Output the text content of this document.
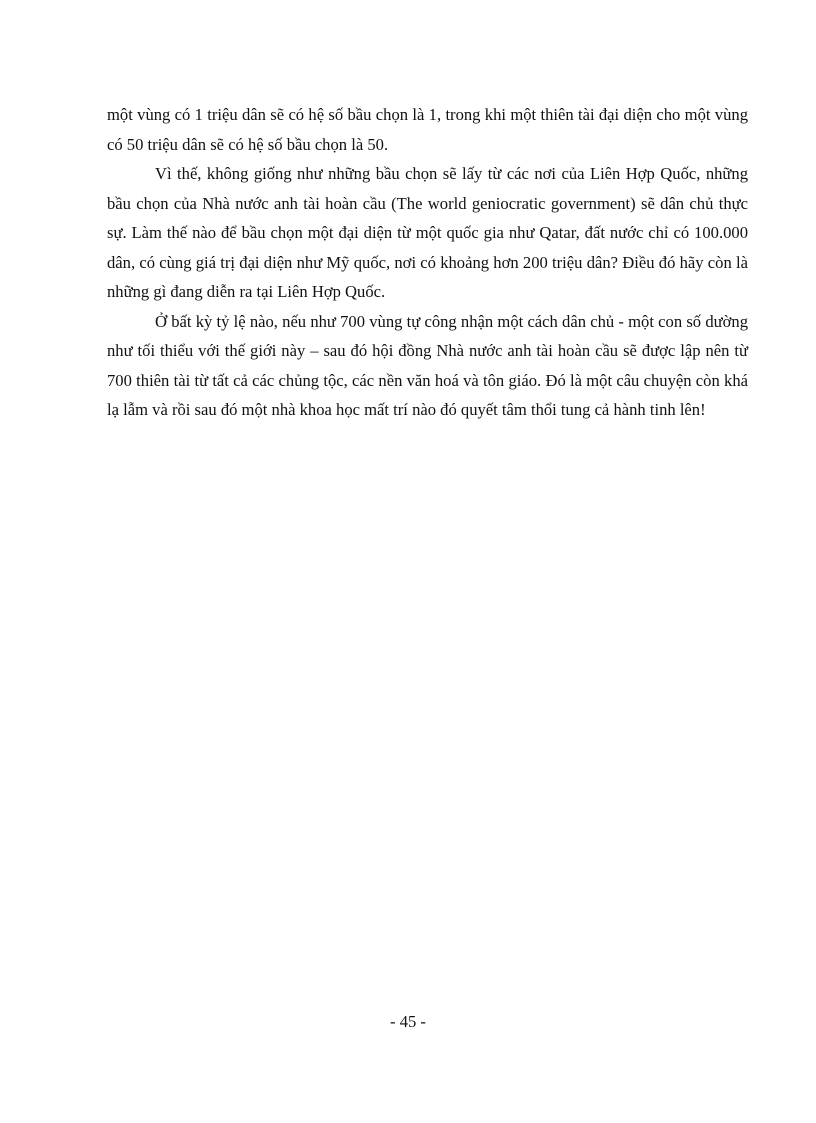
một vùng có 1 triệu dân sẽ có hệ số bầu chọn là 1, trong khi một thiên tài đại diện cho một vùng có 50 triệu dân sẽ có hệ số bầu chọn là 50.

Vì thế, không giống như những bầu chọn sẽ lấy từ các nơi của Liên Hợp Quốc, những bầu chọn của Nhà nước anh tài hoàn cầu (The world geniocratic government) sẽ dân chủ thực sự. Làm thế nào để bầu chọn một đại diện từ một quốc gia như Qatar, đất nước chỉ có 100.000 dân, có cùng giá trị đại diện như Mỹ quốc, nơi có khoảng hơn 200 triệu dân? Điều đó hãy còn là những gì đang diễn ra tại Liên Hợp Quốc.

Ở bất kỳ tỷ lệ nào, nếu như 700 vùng tự công nhận một cách dân chủ - một con số dường như tối thiểu với thế giới này – sau đó hội đồng Nhà nước anh tài hoàn cầu sẽ được lập nên từ 700 thiên tài từ tất cả các chủng tộc, các nền văn hoá và tôn giáo. Đó là một câu chuyện còn khá lạ lẫm và rồi sau đó một nhà khoa học mất trí nào đó quyết tâm thổi tung cả hành tinh lên!

- 45 -
